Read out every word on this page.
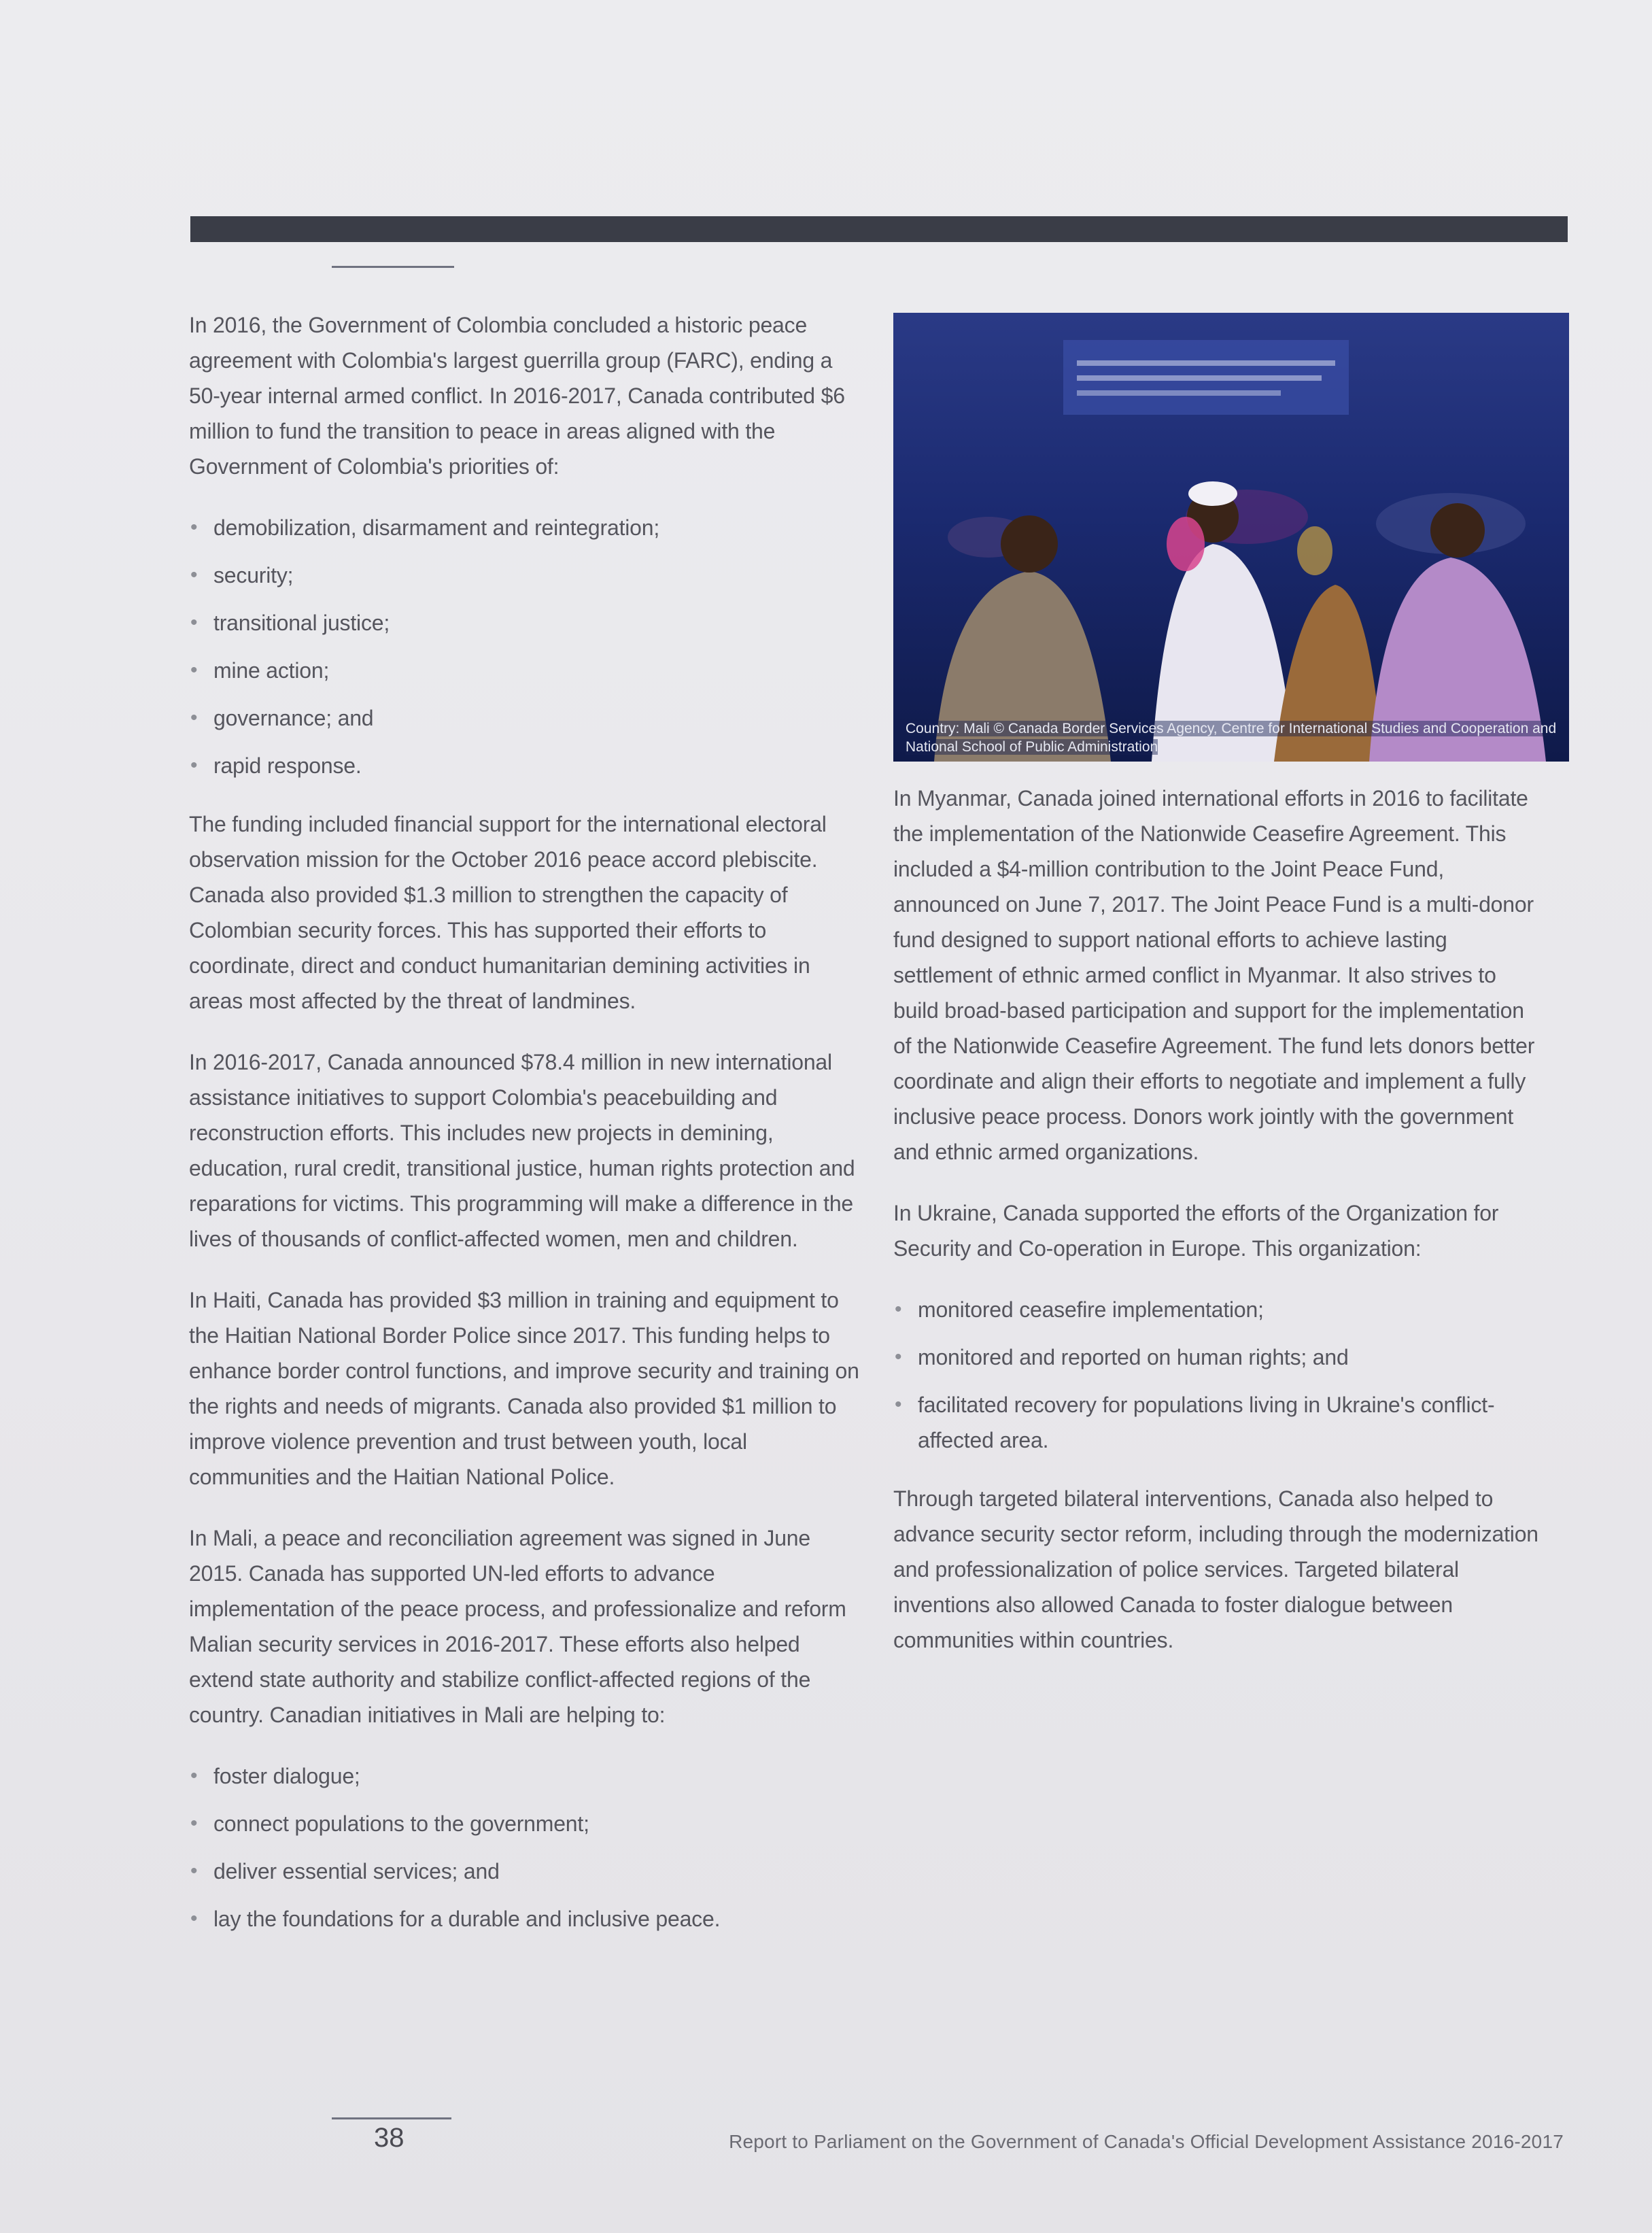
In 2016, the Government of Colombia concluded a historic peace agreement with Colombia's largest guerrilla group (FARC), ending a 50-year internal armed conflict. In 2016-2017, Canada contributed $6 million to fund the transition to peace in areas aligned with the Government of Colombia's priorities of:

• demobilization, disarmament and reintegration;
• security;
• transitional justice;
• mine action;
• governance; and
• rapid response.

The funding included financial support for the international electoral observation mission for the October 2016 peace accord plebiscite. Canada also provided $1.3 million to strengthen the capacity of Colombian security forces. This has supported their efforts to coordinate, direct and conduct humanitarian demining activities in areas most affected by the threat of landmines.

In 2016-2017, Canada announced $78.4 million in new international assistance initiatives to support Colombia's peacebuilding and reconstruction efforts. This includes new projects in demining, education, rural credit, transitional justice, human rights protection and reparations for victims. This programming will make a difference in the lives of thousands of conflict-affected women, men and children.

In Haiti, Canada has provided $3 million in training and equipment to the Haitian National Border Police since 2017. This funding helps to enhance border control functions, and improve security and training on the rights and needs of migrants. Canada also provided $1 million to improve violence prevention and trust between youth, local communities and the Haitian National Police.

In Mali, a peace and reconciliation agreement was signed in June 2015. Canada has supported UN-led efforts to advance implementation of the peace process, and professionalize and reform Malian security services in 2016-2017. These efforts also helped extend state authority and stabilize conflict-affected regions of the country. Canadian initiatives in Mali are helping to:

• foster dialogue;
• connect populations to the government;
• deliver essential services; and
• lay the foundations for a durable and inclusive peace.
Country: Mali © Canada Border Services Agency, Centre for International Studies and Cooperation and National School of Public Administration

In Myanmar, Canada joined international efforts in 2016 to facilitate the implementation of the Nationwide Ceasefire Agreement. This included a $4-million contribution to the Joint Peace Fund, announced on June 7, 2017. The Joint Peace Fund is a multi-donor fund designed to support national efforts to achieve lasting settlement of ethnic armed conflict in Myanmar. It also strives to build broad-based participation and support for the implementation of the Nationwide Ceasefire Agreement. The fund lets donors better coordinate and align their efforts to negotiate and implement a fully inclusive peace process. Donors work jointly with the government and ethnic armed organizations.

In Ukraine, Canada supported the efforts of the Organization for Security and Co-operation in Europe. This organization:

• monitored ceasefire implementation;
• monitored and reported on human rights; and
• facilitated recovery for populations living in Ukraine's conflict-affected area.

Through targeted bilateral interventions, Canada also helped to advance security sector reform, including through the modernization and professionalization of police services. Targeted bilateral inventions also allowed Canada to foster dialogue between communities within countries.

38	Report to Parliament on the Government of Canada's Official Development Assistance 2016-2017
